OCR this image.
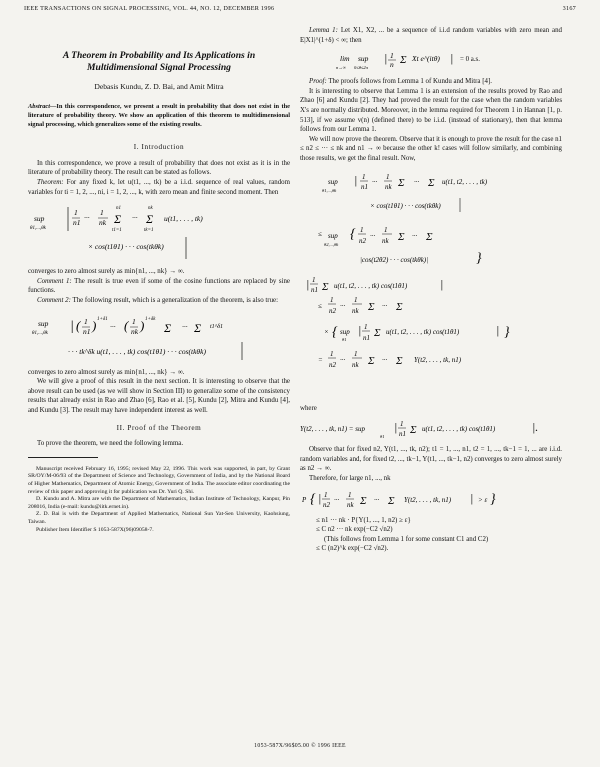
IEEE TRANSACTIONS ON SIGNAL PROCESSING, VOL. 44, NO. 12, DECEMBER 1996	3167
A Theorem in Probability and Its Applications in Multidimensional Signal Processing
Debasis Kundu, Z. D. Bai, and Amit Mitra
Abstract—In this correspondence, we present a result in probability that does not exist in the literature of probability theory. We show an application of this theorem to multidimensional signal processing, which generalizes some of the existing results.
I. Introduction

In this correspondence, we prove a result of probability that does not exist as it is in the literature of probability theory. The result can be stated as follows.

Theorem: For any fixed k, let u(t1, ..., tk) be a i.i.d. sequence of real values, random variables for ti = 1, 2, ..., ni, i = 1, 2, ..., k, with zero mean and finite second moment. Then

sup
θ1,...,θk
1
n1
···
1
nk Σ
n1
t1=1
··· Σ
nk
tk=1
u(t1, . . . , tk)
× cos(t1θ1) · · · cos(tkθk)

converges to zero almost surely as min{n1, ..., nk} → ∞.

Comment 1: The result is true even if some of the cosine functions are replaced by sine functions.

Comment 2: The following result, which is a generalization of the theorem, is also true:

sup
θ1,...,θk | ( 1
n1 ) 1+δ1
··· ( 1
nk ) 1+δk
Σ ··· Σ t1^δ1
· · · tk^δk u(t1, . . . , tk) cos(t1θ1) · · · cos(tkθk)

converges to zero almost surely as min{n1, ..., nk} → ∞.

We will give a proof of this result in the next section. It is interesting to observe that the above result can be used (as we will show in Section III) to generalize some of the consistency results that already exist in Rao and Zhao [6], Rao et al. [5], Kundu [2], Mitra and Kundu [4], and Kundu [3]. The result may have independent interest as well.

II. Proof of the Theorem

To prove the theorem, we need the following lemma.

Manuscript received February 16, 1995; revised May 22, 1996. This work was supported, in part, by Grant SR/OY/M-06/93 of the Department of Science and Technology, Government of India, and by the National Board of Higher Mathematics, Department of Atomic Energy, Government of India. The associate editor coordinating the review of this paper and approving it for publication was Dr. Yuri Q. Shi.

D. Kundu and A. Mitra are with the Department of Mathematics, Indian Institute of Technology, Kanpur, Pin 208016, India (e-mail: kundu@iitk.ernet.in).

Z. D. Bai is with the Department of Applied Mathematics, National Sun Yat-Sen University, Kaohsiung, Taiwan.

Publisher Item Identifier S 1053-587X(96)09058-7.

Lemma 1: Let X1, X2, ... be a sequence of i.i.d random variables with zero mean and E|X1|^(1+δ) < ∞; then

lim
n→∞
sup
0≤θ≤2π
| 1
n Σ Xt e^(itθ) | = 0 a.s.

Proof: The proofs follows from Lemma 1 of Kundu and Mitra [4].

It is interesting to observe that Lemma 1 is an extension of the results proved by Rao and Zhao [6] and Kundu [2]. They had proved the result for the case when the random variables X's are normally distributed. Moreover, in the lemma required for Theorem 1 in Hannan [1, p. 513], if we assume v(n) (defined there) to be i.i.d. (instead of stationary), then that lemma follows from our Lemma 1.

We will now prove the theorem. Observe that it is enough to prove the result for the case n1 ≤ n2 ≤ ··· ≤ nk and n1 → ∞ because the other k! cases will follow similarly, and combining those results, we get the final result. Now,

sup
θ1,...,θk
| 1
n1
···
1
nk Σ ··· Σ u(t1, t2, . . . , tk)
× cos(t1θ1) · · · cos(tkθk)
≤ sup
θ2,...,θk
{ 1
n2
···
1
nk Σ ··· Σ
|cos(t2θ2) · · · cos(tkθk)|	}
| 1
n1 Σ u(t1, t2, . . . , tk) cos(t1θ1)	|
≤
1
n2
···
1
nk Σ ··· Σ
× { sup
θ1
| 1
n1 Σ u(t1, t2, . . . , tk) cos(t1θ1)	| }
=
1
n2
···
1
nk Σ ··· Σ Y(t2, . . . , tk, n1)

where

Y(t2, . . . , tk, n1) = sup
θ1
| 1
n1 Σ u(t1, t2, . . . , tk) cos(t1θ1)	|.

Observe that for fixed n2, Y(t1, ..., tk, n2); t1 = 1, ..., n1, t2 = 1, ..., tk−1 = 1, ... are i.i.d. random variables and, for fixed t2, ..., tk−1, Y(t1, ..., tk−1, n2) converges to zero almost surely as n2 → ∞.

Therefore, for large n1, ..., nk

P { | 1
n2
···
1
nk Σ ··· Σ Y(t2, . . . , tk, n1) | > ε }

≤ n1 ··· nk · P{Y(1, ..., 1, n2) ≥ ε}

≤ C n2 ··· nk exp(−C2 √n2)

(This follows from Lemma 1 for some constant C1 and C2)

≤ C (n2)^k exp(−C2 √n2).

1053-587X/96$05.00 © 1996 IEEE
